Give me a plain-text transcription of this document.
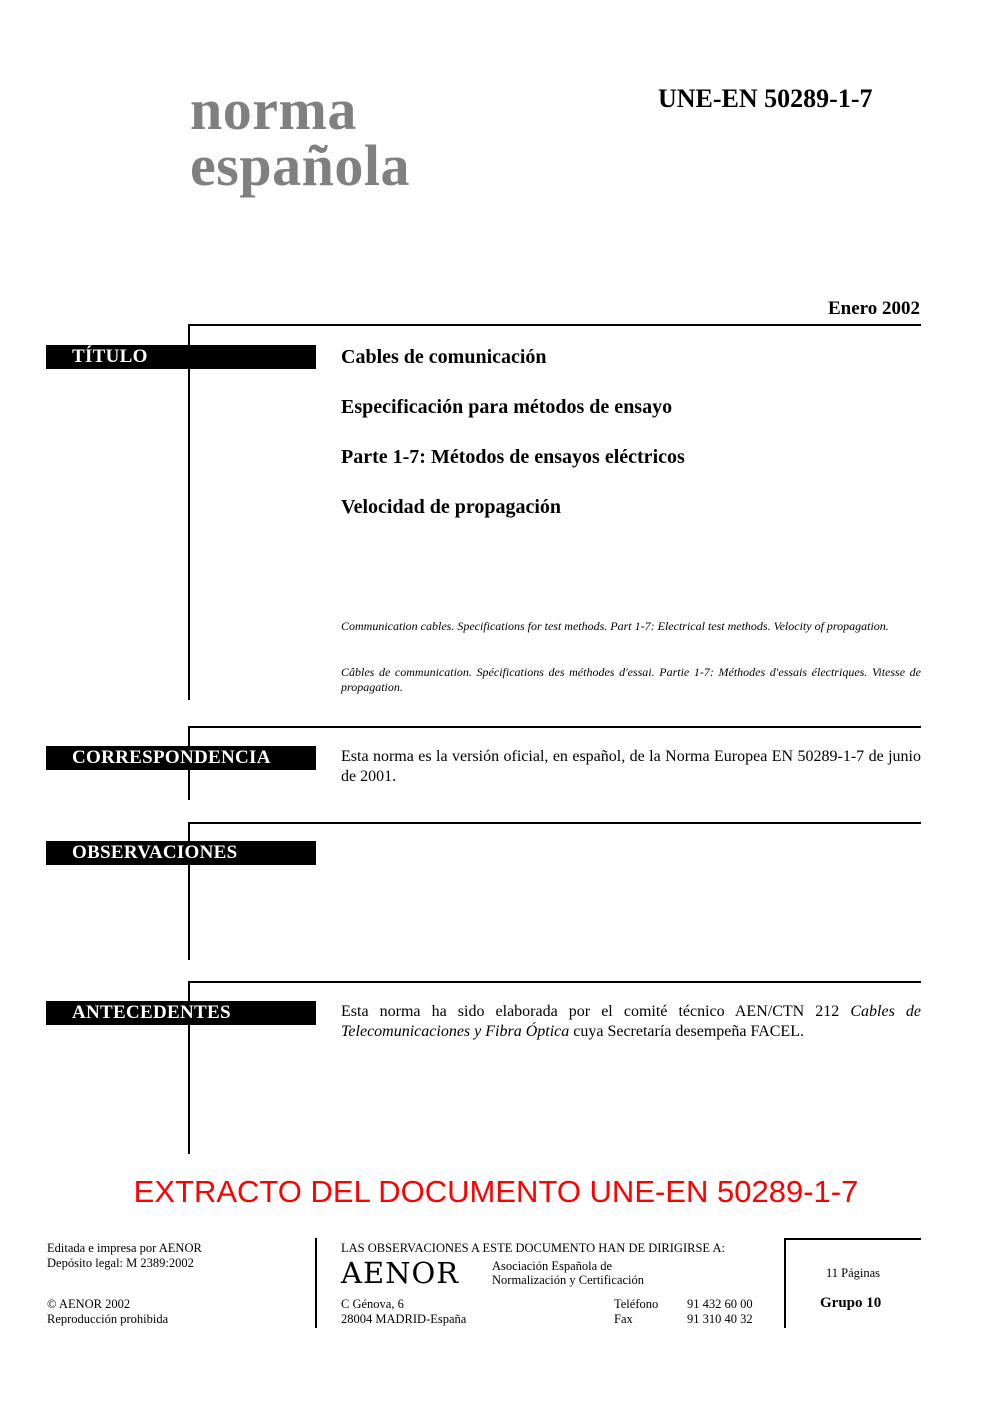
norma
española
UNE-EN 50289-1-7
Enero 2002
TÍTULO	Cables de comunicación
Especificación para métodos de ensayo
Parte 1-7: Métodos de ensayos eléctricos
Velocidad de propagación
Communication cables. Specifications for test methods. Part 1-7: Electrical test methods. Velocity of propagation.
Câbles de communication. Spécifications des méthodes d'essai. Partie 1-7: Méthodes d'essais électriques. Vitesse de propagation.
CORRESPONDENCIA	Esta norma es la versión oficial, en español, de la Norma Europea EN 50289-1-7 de junio de 2001.
OBSERVACIONES
ANTECEDENTES	Esta norma ha sido elaborada por el comité técnico AEN/CTN 212 Cables de Telecomunicaciones y Fibra Óptica cuya Secretaría desempeña FACEL.
EXTRACTO DEL DOCUMENTO UNE-EN 50289-1-7
Editada e impresa por AENOR
Depósito legal: M 2389:2002
© AENOR 2002
Reproducción prohibida
LAS OBSERVACIONES A ESTE DOCUMENTO HAN DE DIRIGIRSE A:
AENOR	Asociación Española de
Normalización y Certificación
C Génova, 6
28004 MADRID-España
Teléfono 91 432 60 00
Fax	91 310 40 32
11 Páginas
Grupo 10
